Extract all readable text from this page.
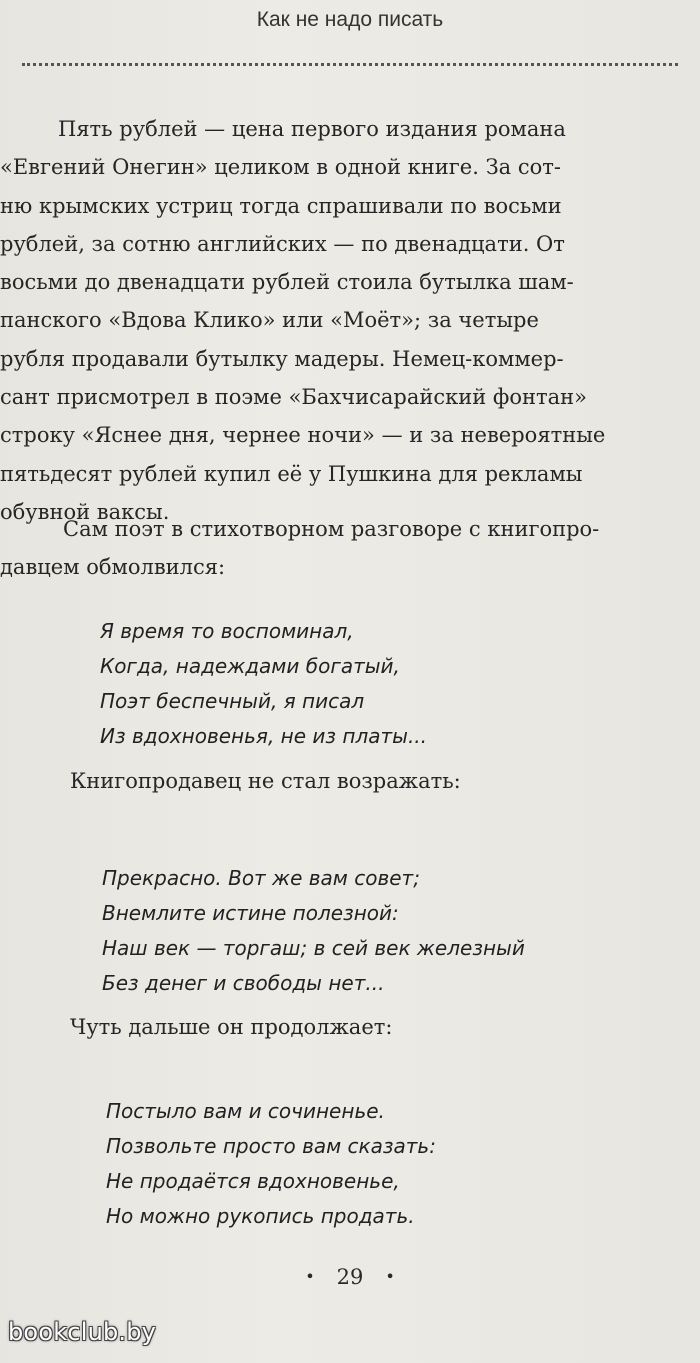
Как не надо писать

Пять рублей — цена первого издания романа
«Евгений Онегин» целиком в одной книге. За сот-
ню крымских устриц тогда спрашивали по восьми
рублей, за сотню английских — по двенадцати. От
восьми до двенадцати рублей стоила бутылка шам-
панского «Вдова Клико» или «Моёт»; за четыре
рубля продавали бутылку мадеры. Немец-коммер-
сант присмотрел в поэме «Бахчисарайский фонтан»
строку «Яснее дня, чернее ночи» — и за невероятные
пятьдесят рублей купил её у Пушкина для рекламы
обувной ваксы.

Сам поэт в стихотворном разговоре с книгопро-
давцем обмолвился:

Я время то воспоминал,
Когда, надеждами богатый,
Поэт беспечный, я писал
Из вдохновенья, не из платы...
Книгопродавец не стал возражать:
Прекрасно. Вот же вам совет;
Внемлите истине полезной:
Наш век — торгаш; в сей век железный
Без денег и свободы нет...
Чуть дальше он продолжает:
Постыло вам и сочиненье.
Позвольте просто вам сказать:
Не продаётся вдохновенье,
Но можно рукопись продать.
• 29 •
bookclub.by
